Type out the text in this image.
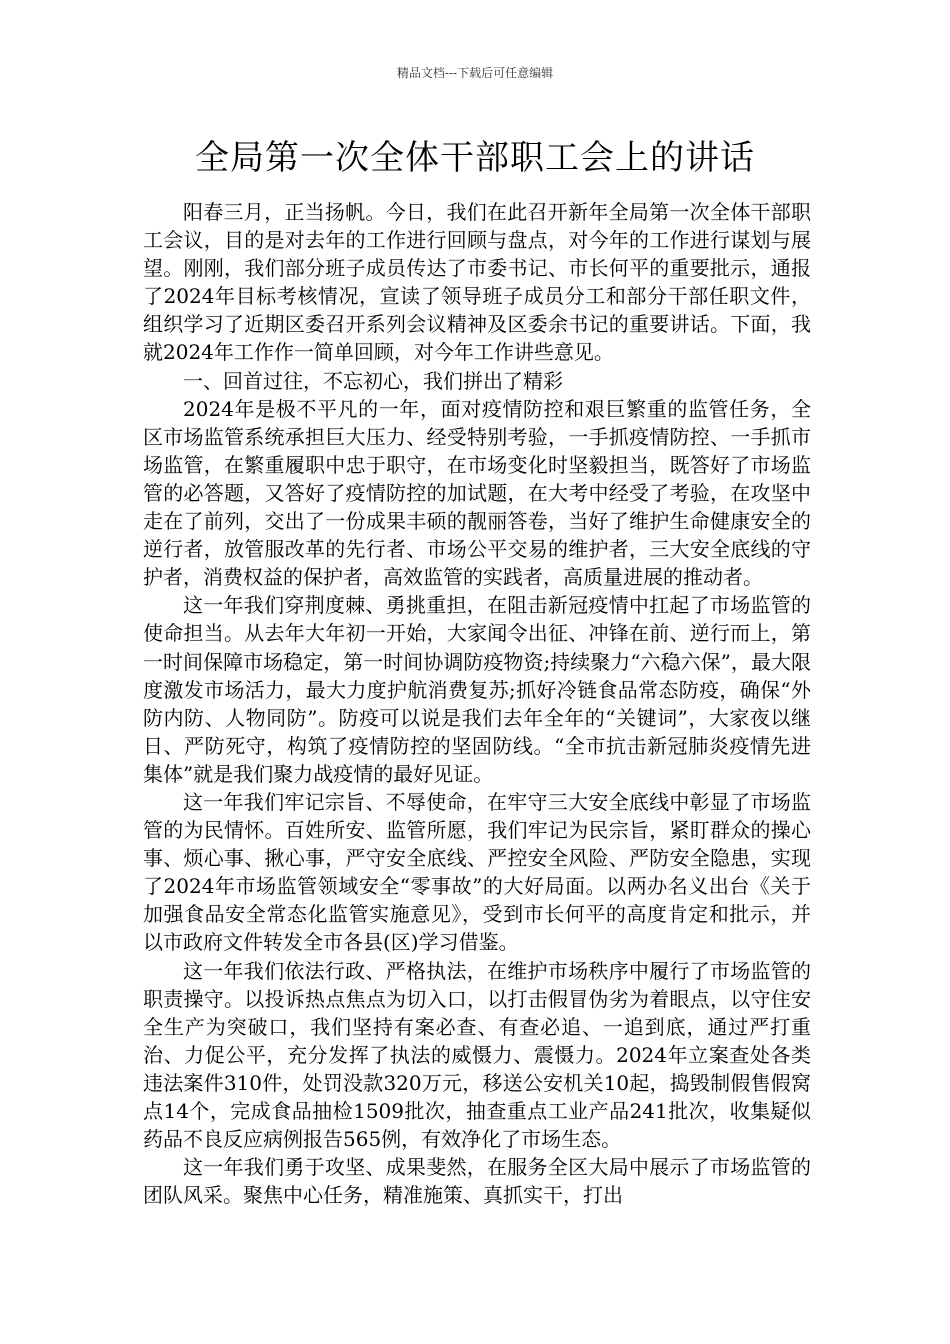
精品文档---下载后可任意编辑
全局第一次全体干部职工会上的讲话

阳春三月，正当扬帆。今日，我们在此召开新年全局第一次全体干部职工会议，目的是对去年的工作进行回顾与盘点，对今年的工作进行谋划与展望。刚刚，我们部分班子成员传达了市委书记、市长何平的重要批示，通报了2024年目标考核情况，宣读了领导班子成员分工和部分干部任职文件，组织学习了近期区委召开系列会议精神及区委余书记的重要讲话。下面，我就2024年工作作一简单回顾，对今年工作讲些意见。

一、回首过往，不忘初心，我们拼出了精彩

2024年是极不平凡的一年，面对疫情防控和艰巨繁重的监管任务，全区市场监管系统承担巨大压力、经受特别考验，一手抓疫情防控、一手抓市场监管，在繁重履职中忠于职守，在市场变化时坚毅担当，既答好了市场监管的必答题，又答好了疫情防控的加试题，在大考中经受了考验，在攻坚中走在了前列，交出了一份成果丰硕的靓丽答卷，当好了维护生命健康安全的逆行者，放管服改革的先行者、市场公平交易的维护者，三大安全底线的守护者，消费权益的保护者，高效监管的实践者，高质量进展的推动者。

这一年我们穿荆度棘、勇挑重担，在阻击新冠疫情中扛起了市场监管的使命担当。从去年大年初一开始，大家闻令出征、冲锋在前、逆行而上，第一时间保障市场稳定，第一时间协调防疫物资;持续聚力“六稳六保”，最大限度激发市场活力，最大力度护航消费复苏;抓好冷链食品常态防疫，确保“外防内防、人物同防”。防疫可以说是我们去年全年的“关键词”，大家夜以继日、严防死守，构筑了疫情防控的坚固防线。“全市抗击新冠肺炎疫情先进集体”就是我们聚力战疫情的最好见证。

这一年我们牢记宗旨、不辱使命，在牢守三大安全底线中彰显了市场监管的为民情怀。百姓所安、监管所愿，我们牢记为民宗旨，紧盯群众的操心事、烦心事、揪心事，严守安全底线、严控安全风险、严防安全隐患，实现了2024年市场监管领域安全“零事故”的大好局面。以两办名义出台《关于加强食品安全常态化监管实施意见》，受到市长何平的高度肯定和批示，并以市政府文件转发全市各县(区)学习借鉴。

这一年我们依法行政、严格执法，在维护市场秩序中履行了市场监管的职责操守。以投诉热点焦点为切入口，以打击假冒伪劣为着眼点，以守住安全生产为突破口，我们坚持有案必查、有查必追、一追到底，通过严打重治、力促公平，充分发挥了执法的威慑力、震慑力。2024年立案查处各类违法案件310件，处罚没款320万元，移送公安机关10起，捣毁制假售假窝点14个，完成食品抽检1509批次，抽查重点工业产品241批次，收集疑似药品不良反应病例报告565例，有效净化了市场生态。

这一年我们勇于攻坚、成果斐然，在服务全区大局中展示了市场监管的团队风采。聚焦中心任务，精准施策、真抓实干，打出
